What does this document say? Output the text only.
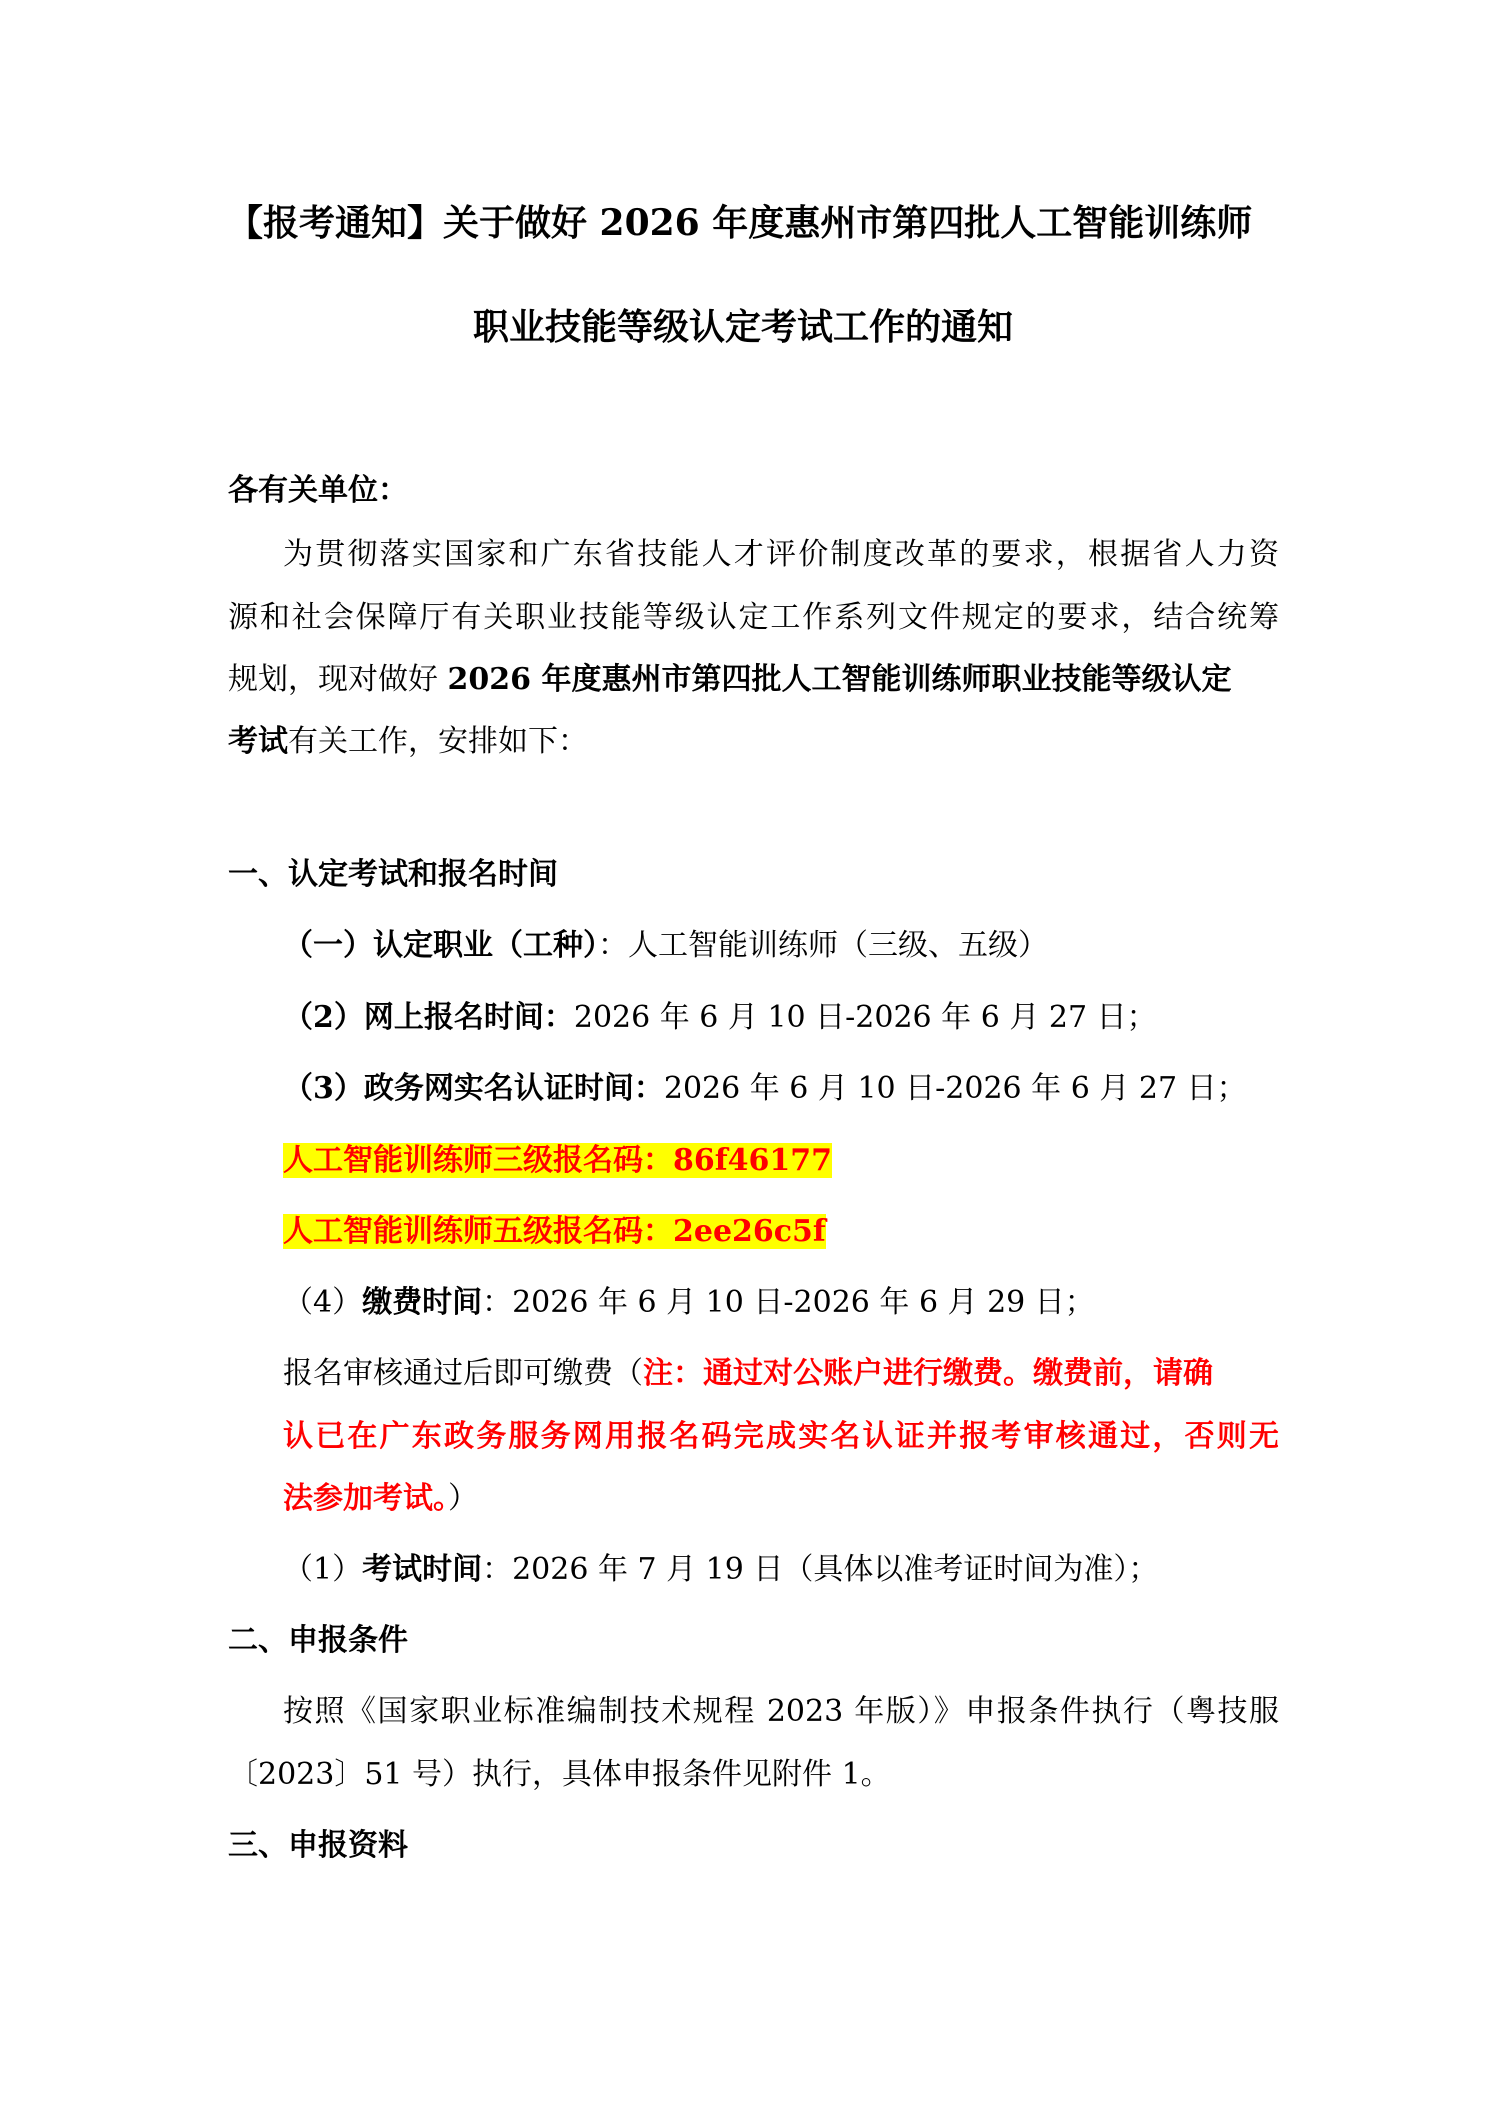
【报考通知】关于做好 2026 年度惠州市第四批人工智能训练师
职业技能等级认定考试工作的通知
各有关单位：
为贯彻落实国家和广东省技能人才评价制度改革的要求，根据省人力资
源和社会保障厅有关职业技能等级认定工作系列文件规定的要求，结合统筹
规划，现对做好 2026 年度惠州市第四批人工智能训练师职业技能等级认定
考试有关工作，安排如下：
一、认定考试和报名时间
（一）认定职业（工种）：人工智能训练师（三级、五级）
（2）网上报名时间：2026 年 6 月 10 日-2026 年 6 月 27 日；
（3）政务网实名认证时间：2026 年 6 月 10 日-2026 年 6 月 27 日；
人工智能训练师三级报名码：86f46177
人工智能训练师五级报名码：2ee26c5f
（4）缴费时间：2026 年 6 月 10 日-2026 年 6 月 29 日；
报名审核通过后即可缴费（注：通过对公账户进行缴费。缴费前，请确
认已在广东政务服务网用报名码完成实名认证并报考审核通过，否则无
法参加考试。）
（1）考试时间：2026 年 7 月 19 日（具体以准考证时间为准）；
二、申报条件
按照《国家职业标准编制技术规程 2023 年版）》申报条件执行（粤技服
〔2023〕51 号）执行，具体申报条件见附件 1。
三、申报资料
